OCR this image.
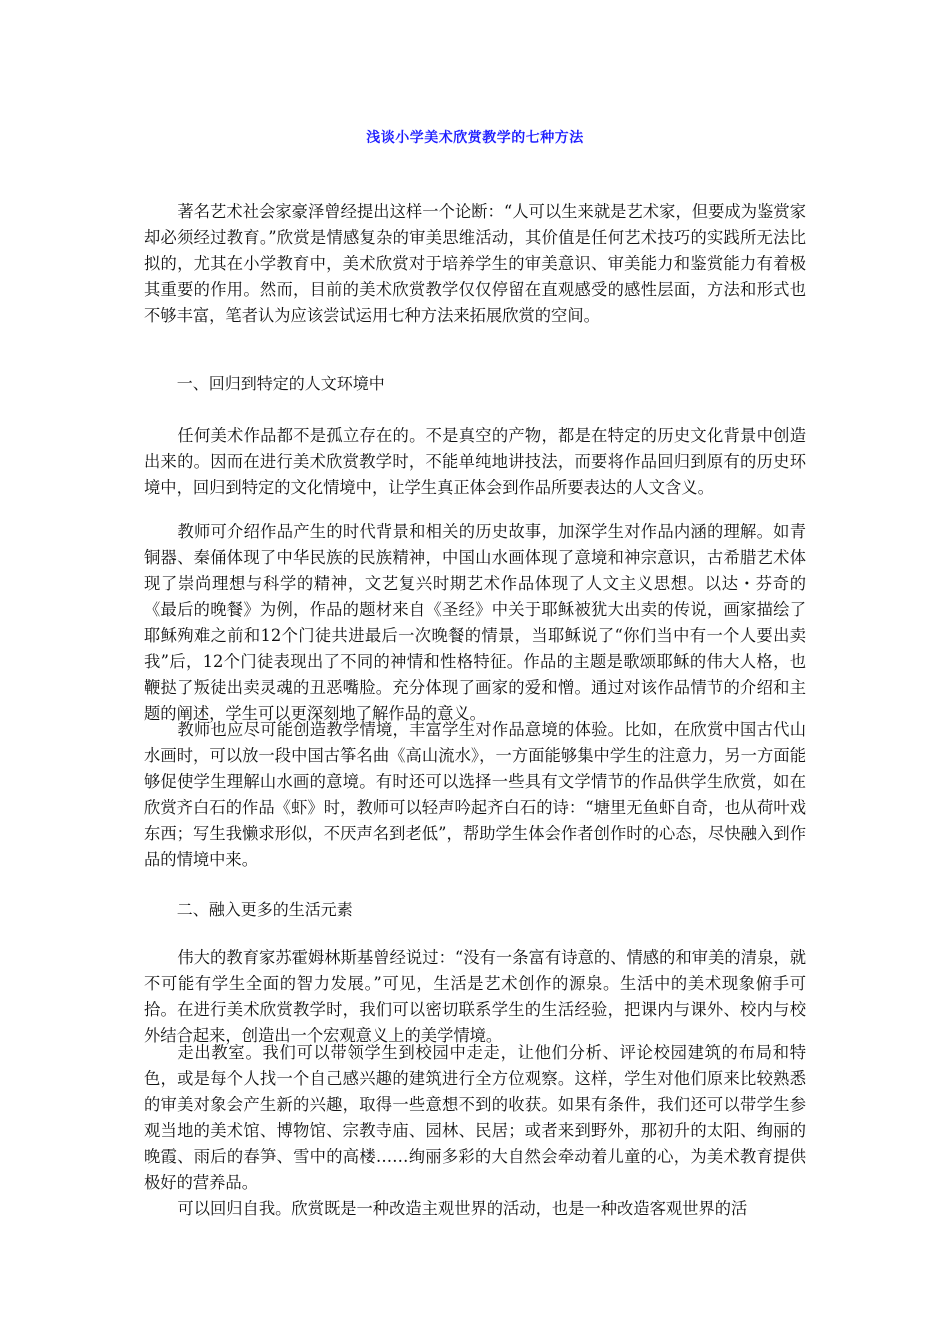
浅谈小学美术欣赏教学的七种方法

著名艺术社会家豪泽曾经提出这样一个论断：“人可以生来就是艺术家，但要成为鉴赏家却必须经过教育。”欣赏是情感复杂的审美思维活动，其价值是任何艺术技巧的实践所无法比拟的，尤其在小学教育中，美术欣赏对于培养学生的审美意识、审美能力和鉴赏能力有着极其重要的作用。然而，目前的美术欣赏教学仅仅停留在直观感受的感性层面，方法和形式也不够丰富，笔者认为应该尝试运用七种方法来拓展欣赏的空间。

一、回归到特定的人文环境中

任何美术作品都不是孤立存在的。不是真空的产物，都是在特定的历史文化背景中创造出来的。因而在进行美术欣赏教学时，不能单纯地讲技法，而要将作品回归到原有的历史环境中，回归到特定的文化情境中，让学生真正体会到作品所要表达的人文含义。

教师可介绍作品产生的时代背景和相关的历史故事，加深学生对作品内涵的理解。如青铜器、秦俑体现了中华民族的民族精神，中国山水画体现了意境和神宗意识，古希腊艺术体现了崇尚理想与科学的精神，文艺复兴时期艺术作品体现了人文主义思想。以达・芬奇的《最后的晚餐》为例，作品的题材来自《圣经》中关于耶稣被犹大出卖的传说，画家描绘了耶稣殉难之前和12个门徒共进最后一次晚餐的情景，当耶稣说了“你们当中有一个人要出卖我”后，12个门徒表现出了不同的神情和性格特征。作品的主题是歌颂耶稣的伟大人格，也鞭挞了叛徒出卖灵魂的丑恶嘴脸。充分体现了画家的爱和憎。通过对该作品情节的介绍和主题的阐述，学生可以更深刻地了解作品的意义。

教师也应尽可能创造教学情境，丰富学生对作品意境的体验。比如，在欣赏中国古代山水画时，可以放一段中国古筝名曲《高山流水》，一方面能够集中学生的注意力，另一方面能够促使学生理解山水画的意境。有时还可以选择一些具有文学情节的作品供学生欣赏，如在欣赏齐白石的作品《虾》时，教师可以轻声吟起齐白石的诗：“塘里无鱼虾自奇，也从荷叶戏东西；写生我懒求形似，不厌声名到老低”，帮助学生体会作者创作时的心态，尽快融入到作品的情境中来。

二、融入更多的生活元素

伟大的教育家苏霍姆林斯基曾经说过：“没有一条富有诗意的、情感的和审美的清泉，就不可能有学生全面的智力发展。”可见，生活是艺术创作的源泉。生活中的美术现象俯手可拾。在进行美术欣赏教学时，我们可以密切联系学生的生活经验，把课内与课外、校内与校外结合起来，创造出一个宏观意义上的美学情境。

走出教室。我们可以带领学生到校园中走走，让他们分析、评论校园建筑的布局和特色，或是每个人找一个自己感兴趣的建筑进行全方位观察。这样，学生对他们原来比较熟悉的审美对象会产生新的兴趣，取得一些意想不到的收获。如果有条件，我们还可以带学生参观当地的美术馆、博物馆、宗教寺庙、园林、民居；或者来到野外，那初升的太阳、绚丽的晚霞、雨后的春笋、雪中的高楼……绚丽多彩的大自然会牵动着儿童的心，为美术教育提供极好的营养品。

可以回归自我。欣赏既是一种改造主观世界的活动，也是一种改造客观世界的活
